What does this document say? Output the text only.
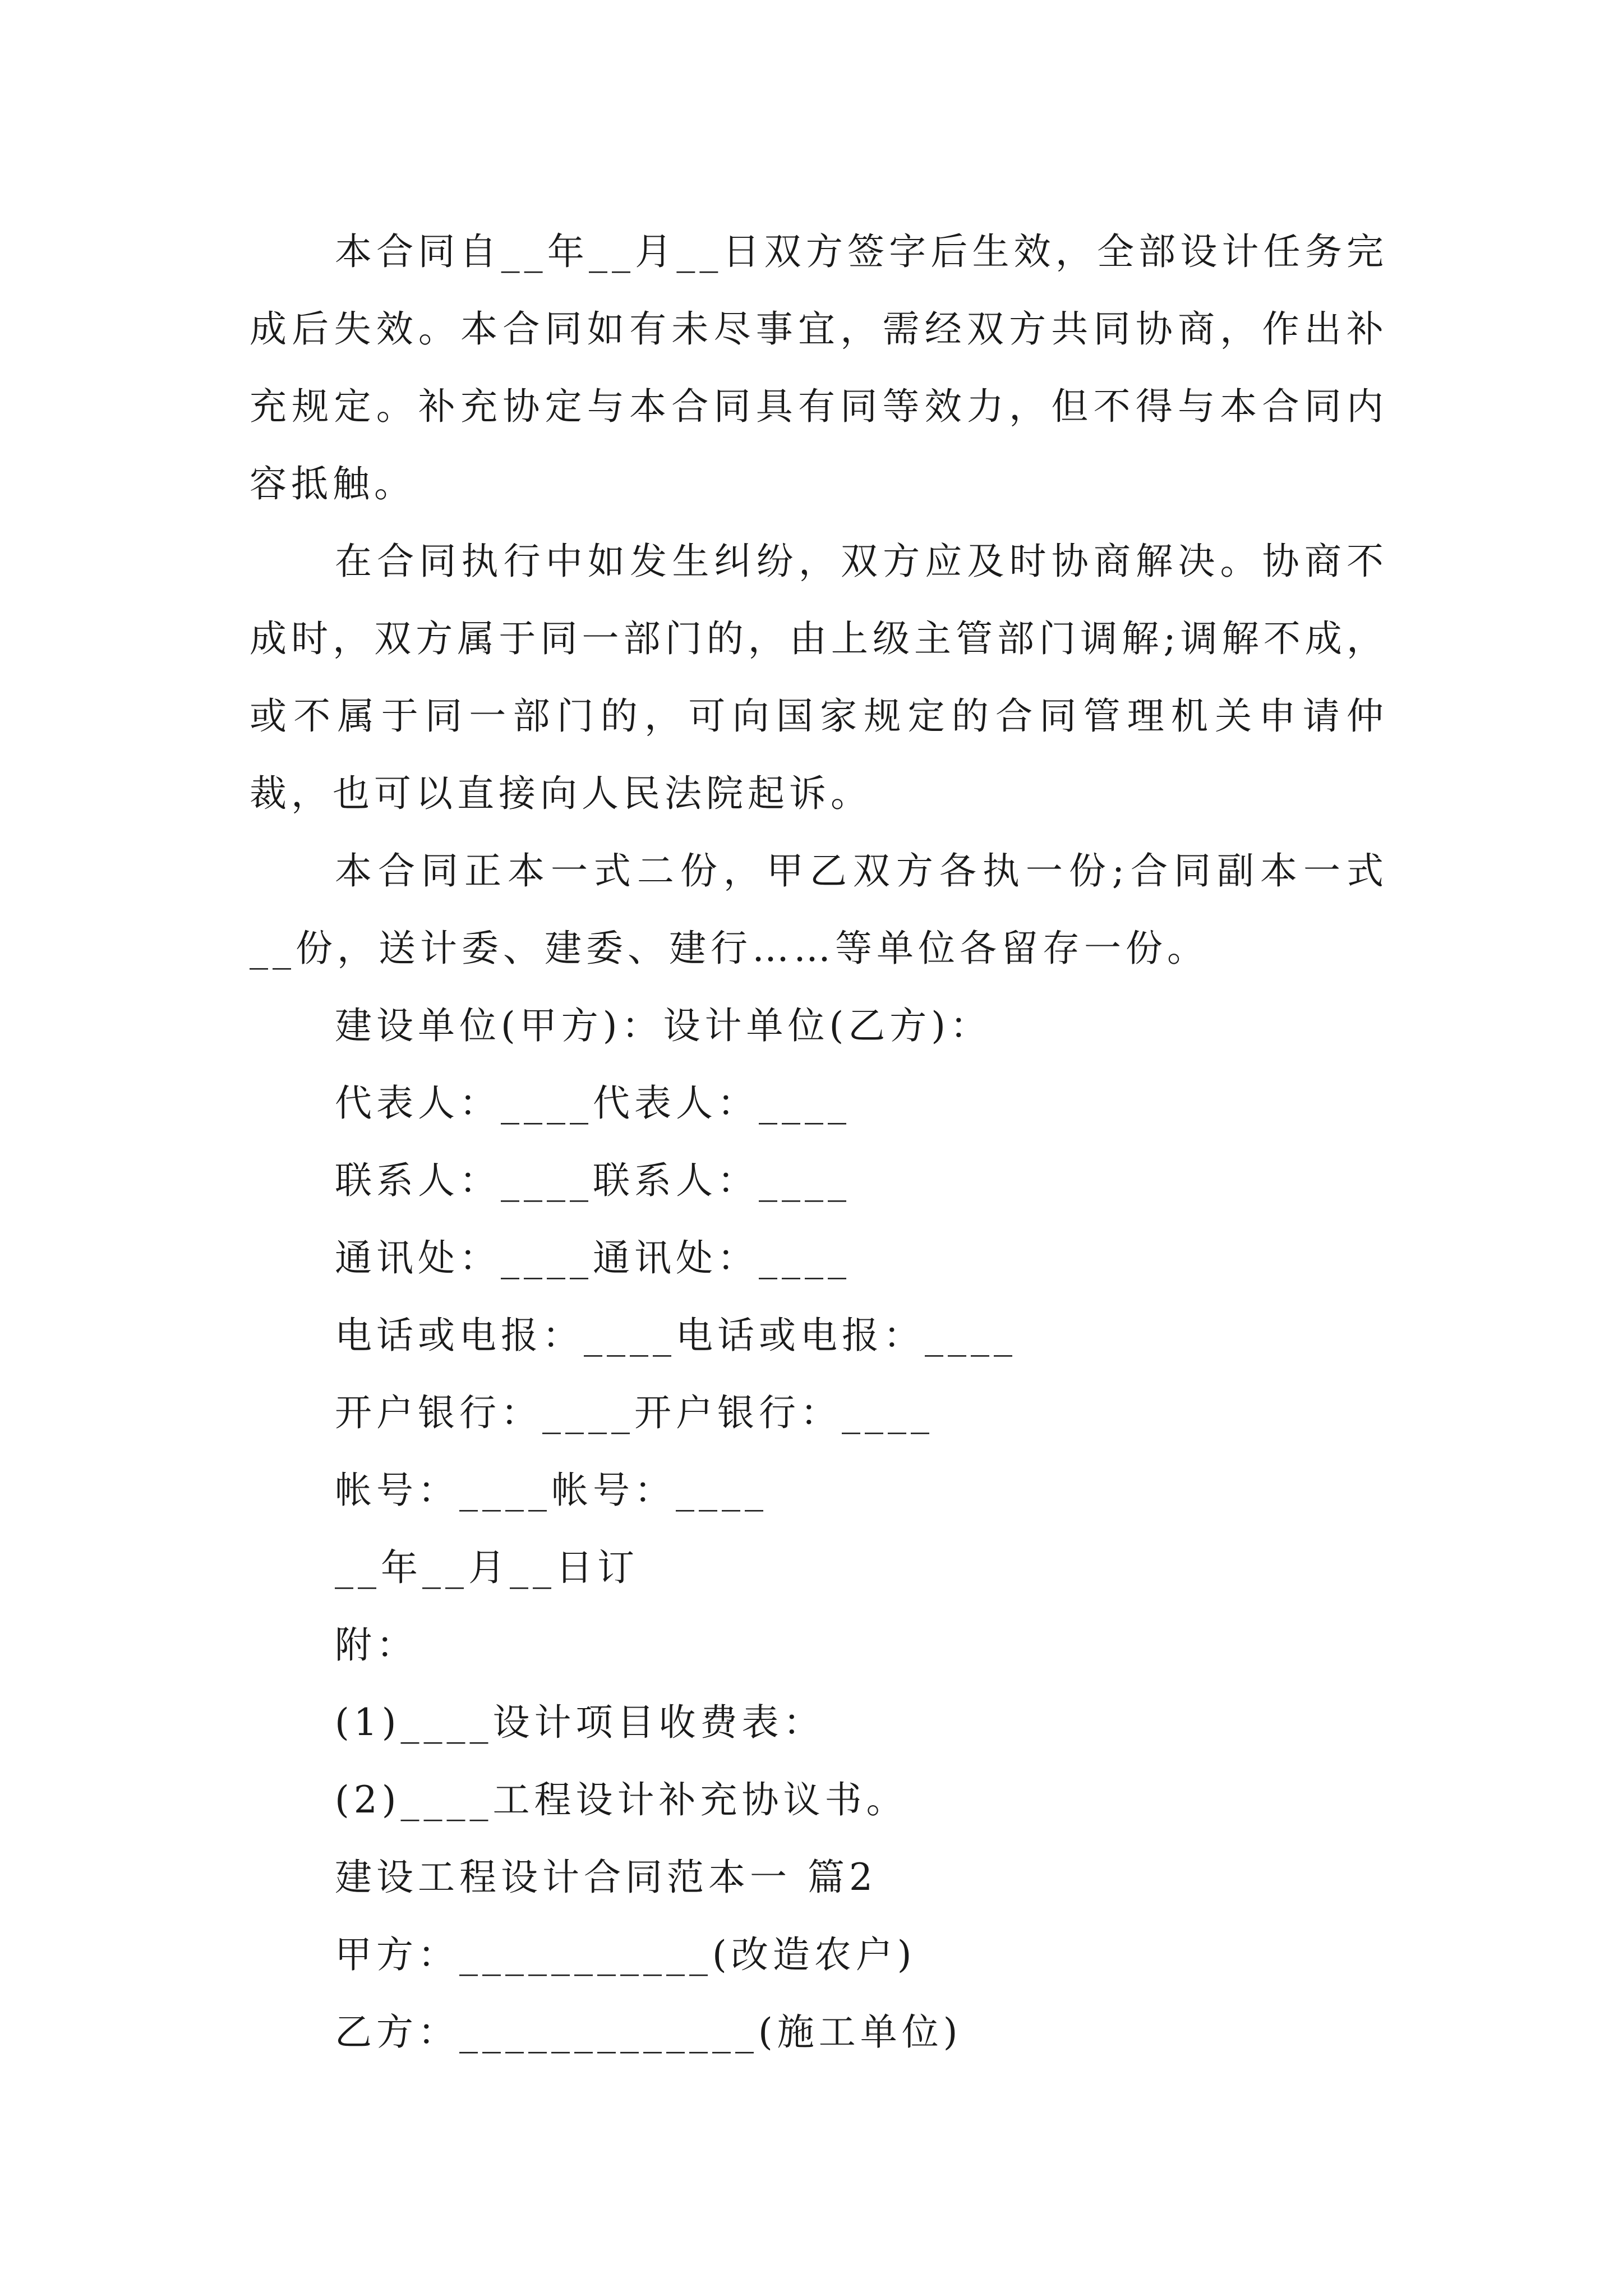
本合同自__年__月__日双方签字后生效，全部设计任务完成后失效。本合同如有未尽事宜，需经双方共同协商，作出补充规定。补充协定与本合同具有同等效力，但不得与本合同内容抵触。

在合同执行中如发生纠纷，双方应及时协商解决。协商不成时，双方属于同一部门的，由上级主管部门调解;调解不成，或不属于同一部门的，可向国家规定的合同管理机关申请仲裁，也可以直接向人民法院起诉。

本合同正本一式二份，甲乙双方各执一份;合同副本一式__份，送计委、建委、建行……等单位各留存一份。

建设单位(甲方)：设计单位(乙方)：

代表人：____代表人：____

联系人：____联系人：____

通讯处：____通讯处：____

电话或电报：____电话或电报：____

开户银行：____开户银行：____

帐号：____帐号：____

__年__月__日订

附：

(1)____设计项目收费表：

(2)____工程设计补充协议书。

建设工程设计合同范本一 篇2

甲方：___________(改造农户)

乙方：_____________(施工单位)
